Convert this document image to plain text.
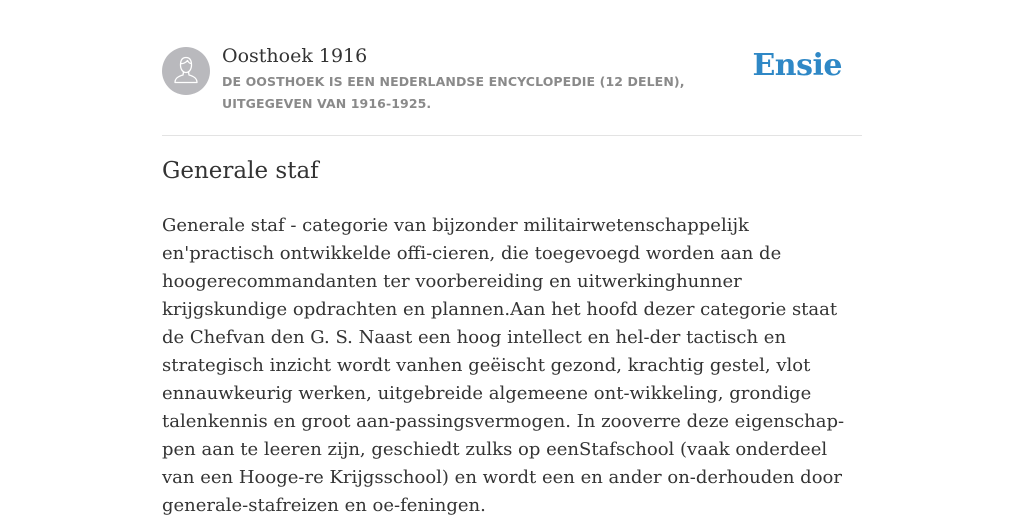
Oosthoek 1916
DE OOSTHOEK IS EEN NEDERLANDSE ENCYCLOPEDIE (12 DELEN), UITGEGEVEN VAN 1916-1925.
Ensie
Generale staf

Generale staf - categorie van bijzonder militairwetenschappelijk en'practisch ontwikkelde offi-cieren, die toegevoegd worden aan de hoogerecommandanten ter voorbereiding en uitwerkinghunner krijgskundige opdrachten en plannen.Aan het hoofd dezer categorie staat de Chefvan den G. S. Naast een hoog intellect en hel-der tactisch en strategisch inzicht wordt vanhen geëischt gezond, krachtig gestel, vlot ennauwkeurig werken, uitgebreide algemeene ont-wikkeling, grondige talenkennis en groot aan-passingsvermogen. In zooverre deze eigenschap-pen aan te leeren zijn, geschiedt zulks op eenStafschool (vaak onderdeel van een Hooge-re Krijgsschool) en wordt een en ander on-derhouden door generale-stafreizen en oe-feningen.
